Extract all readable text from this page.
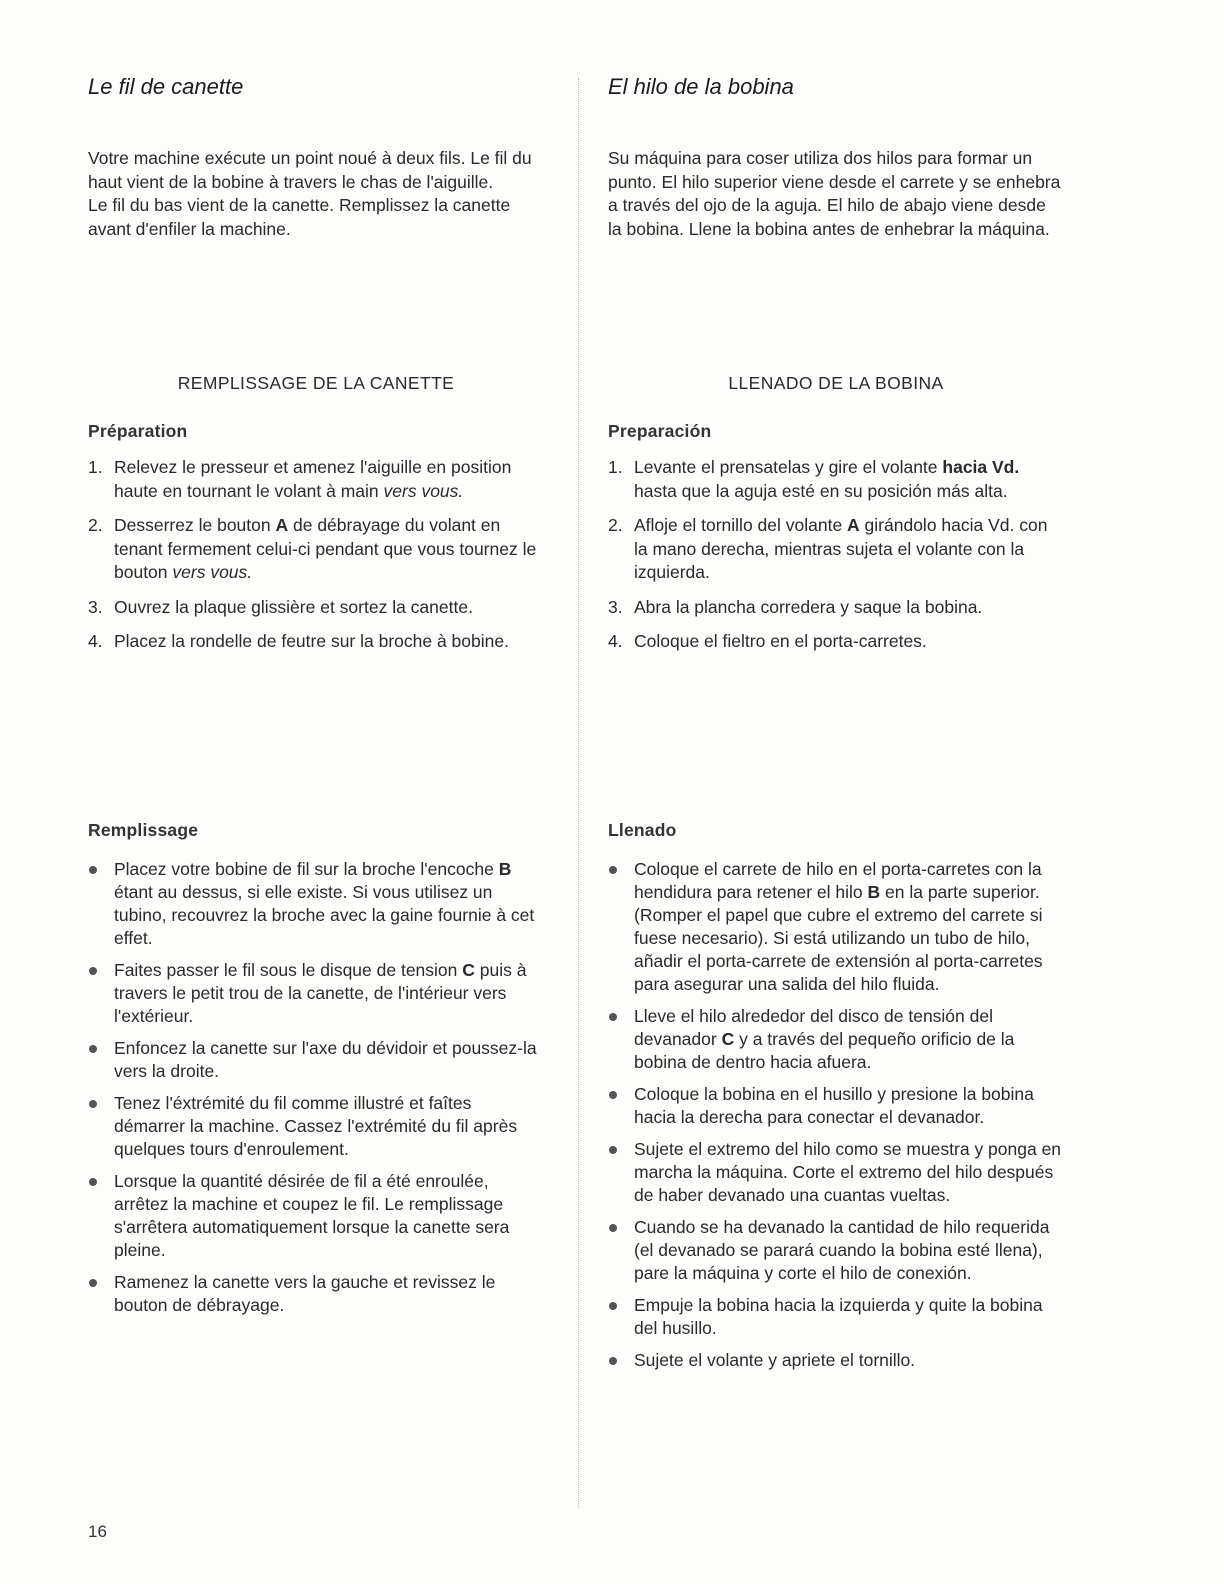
Le fil de canette

Votre machine exécute un point noué à deux fils. Le fil du haut vient de la bobine à travers le chas de l'aiguille.

Le fil du bas vient de la canette. Remplissez la canette avant d'enfiler la machine.

REMPLISSAGE DE LA CANETTE
Préparation
1. Relevez le presseur et amenez l'aiguille en position haute en tournant le volant à main vers vous.
2. Desserrez le bouton A de débrayage du volant en tenant fermement celui-ci pendant que vous tournez le bouton vers vous.
3. Ouvrez la plaque glissière et sortez la canette.
4. Placez la rondelle de feutre sur la broche à bobine.
Remplissage
Placez votre bobine de fil sur la broche l'encoche B étant au dessus, si elle existe. Si vous utilisez un tubino, recouvrez la broche avec la gaine fournie à cet effet.
Faites passer le fil sous le disque de tension C puis à travers le petit trou de la canette, de l'intérieur vers l'extérieur.
Enfoncez la canette sur l'axe du dévidoir et poussez-la vers la droite.
Tenez l'éxtrémité du fil comme illustré et faîtes démarrer la machine. Cassez l'extrémité du fil après quelques tours d'enroulement.
Lorsque la quantité désirée de fil a été enroulée, arrêtez la machine et coupez le fil. Le remplissage s'arrêtera automatiquement lorsque la canette sera pleine.
Ramenez la canette vers la gauche et revissez le bouton de débrayage.
El hilo de la bobina

Su máquina para coser utiliza dos hilos para formar un punto. El hilo superior viene desde el carrete y se enhebra a través del ojo de la aguja. El hilo de abajo viene desde la bobina. Llene la bobina antes de enhebrar la máquina.

LLENADO DE LA BOBINA
Preparación
1. Levante el prensatelas y gire el volante hacia Vd. hasta que la aguja esté en su posición más alta.
2. Afloje el tornillo del volante A girándolo hacia Vd. con la mano derecha, mientras sujeta el volante con la izquierda.
3. Abra la plancha corredera y saque la bobina.
4. Coloque el fieltro en el porta-carretes.
Llenado
Coloque el carrete de hilo en el porta-carretes con la hendidura para retener el hilo B en la parte superior. (Romper el papel que cubre el extremo del carrete si fuese necesario). Si está utilizando un tubo de hilo, añadir el porta-carrete de extensión al porta-carretes para asegurar una salida del hilo fluida.
Lleve el hilo alrededor del disco de tensión del devanador C y a través del pequeño orificio de la bobina de dentro hacia afuera.
Coloque la bobina en el husillo y presione la bobina hacia la derecha para conectar el devanador.
Sujete el extremo del hilo como se muestra y ponga en marcha la máquina. Corte el extremo del hilo después de haber devanado una cuantas vueltas.
Cuando se ha devanado la cantidad de hilo requerida (el devanado se parará cuando la bobina esté llena), pare la máquina y corte el hilo de conexión.
Empuje la bobina hacia la izquierda y quite la bobina del husillo.
Sujete el volante y apriete el tornillo.
16
